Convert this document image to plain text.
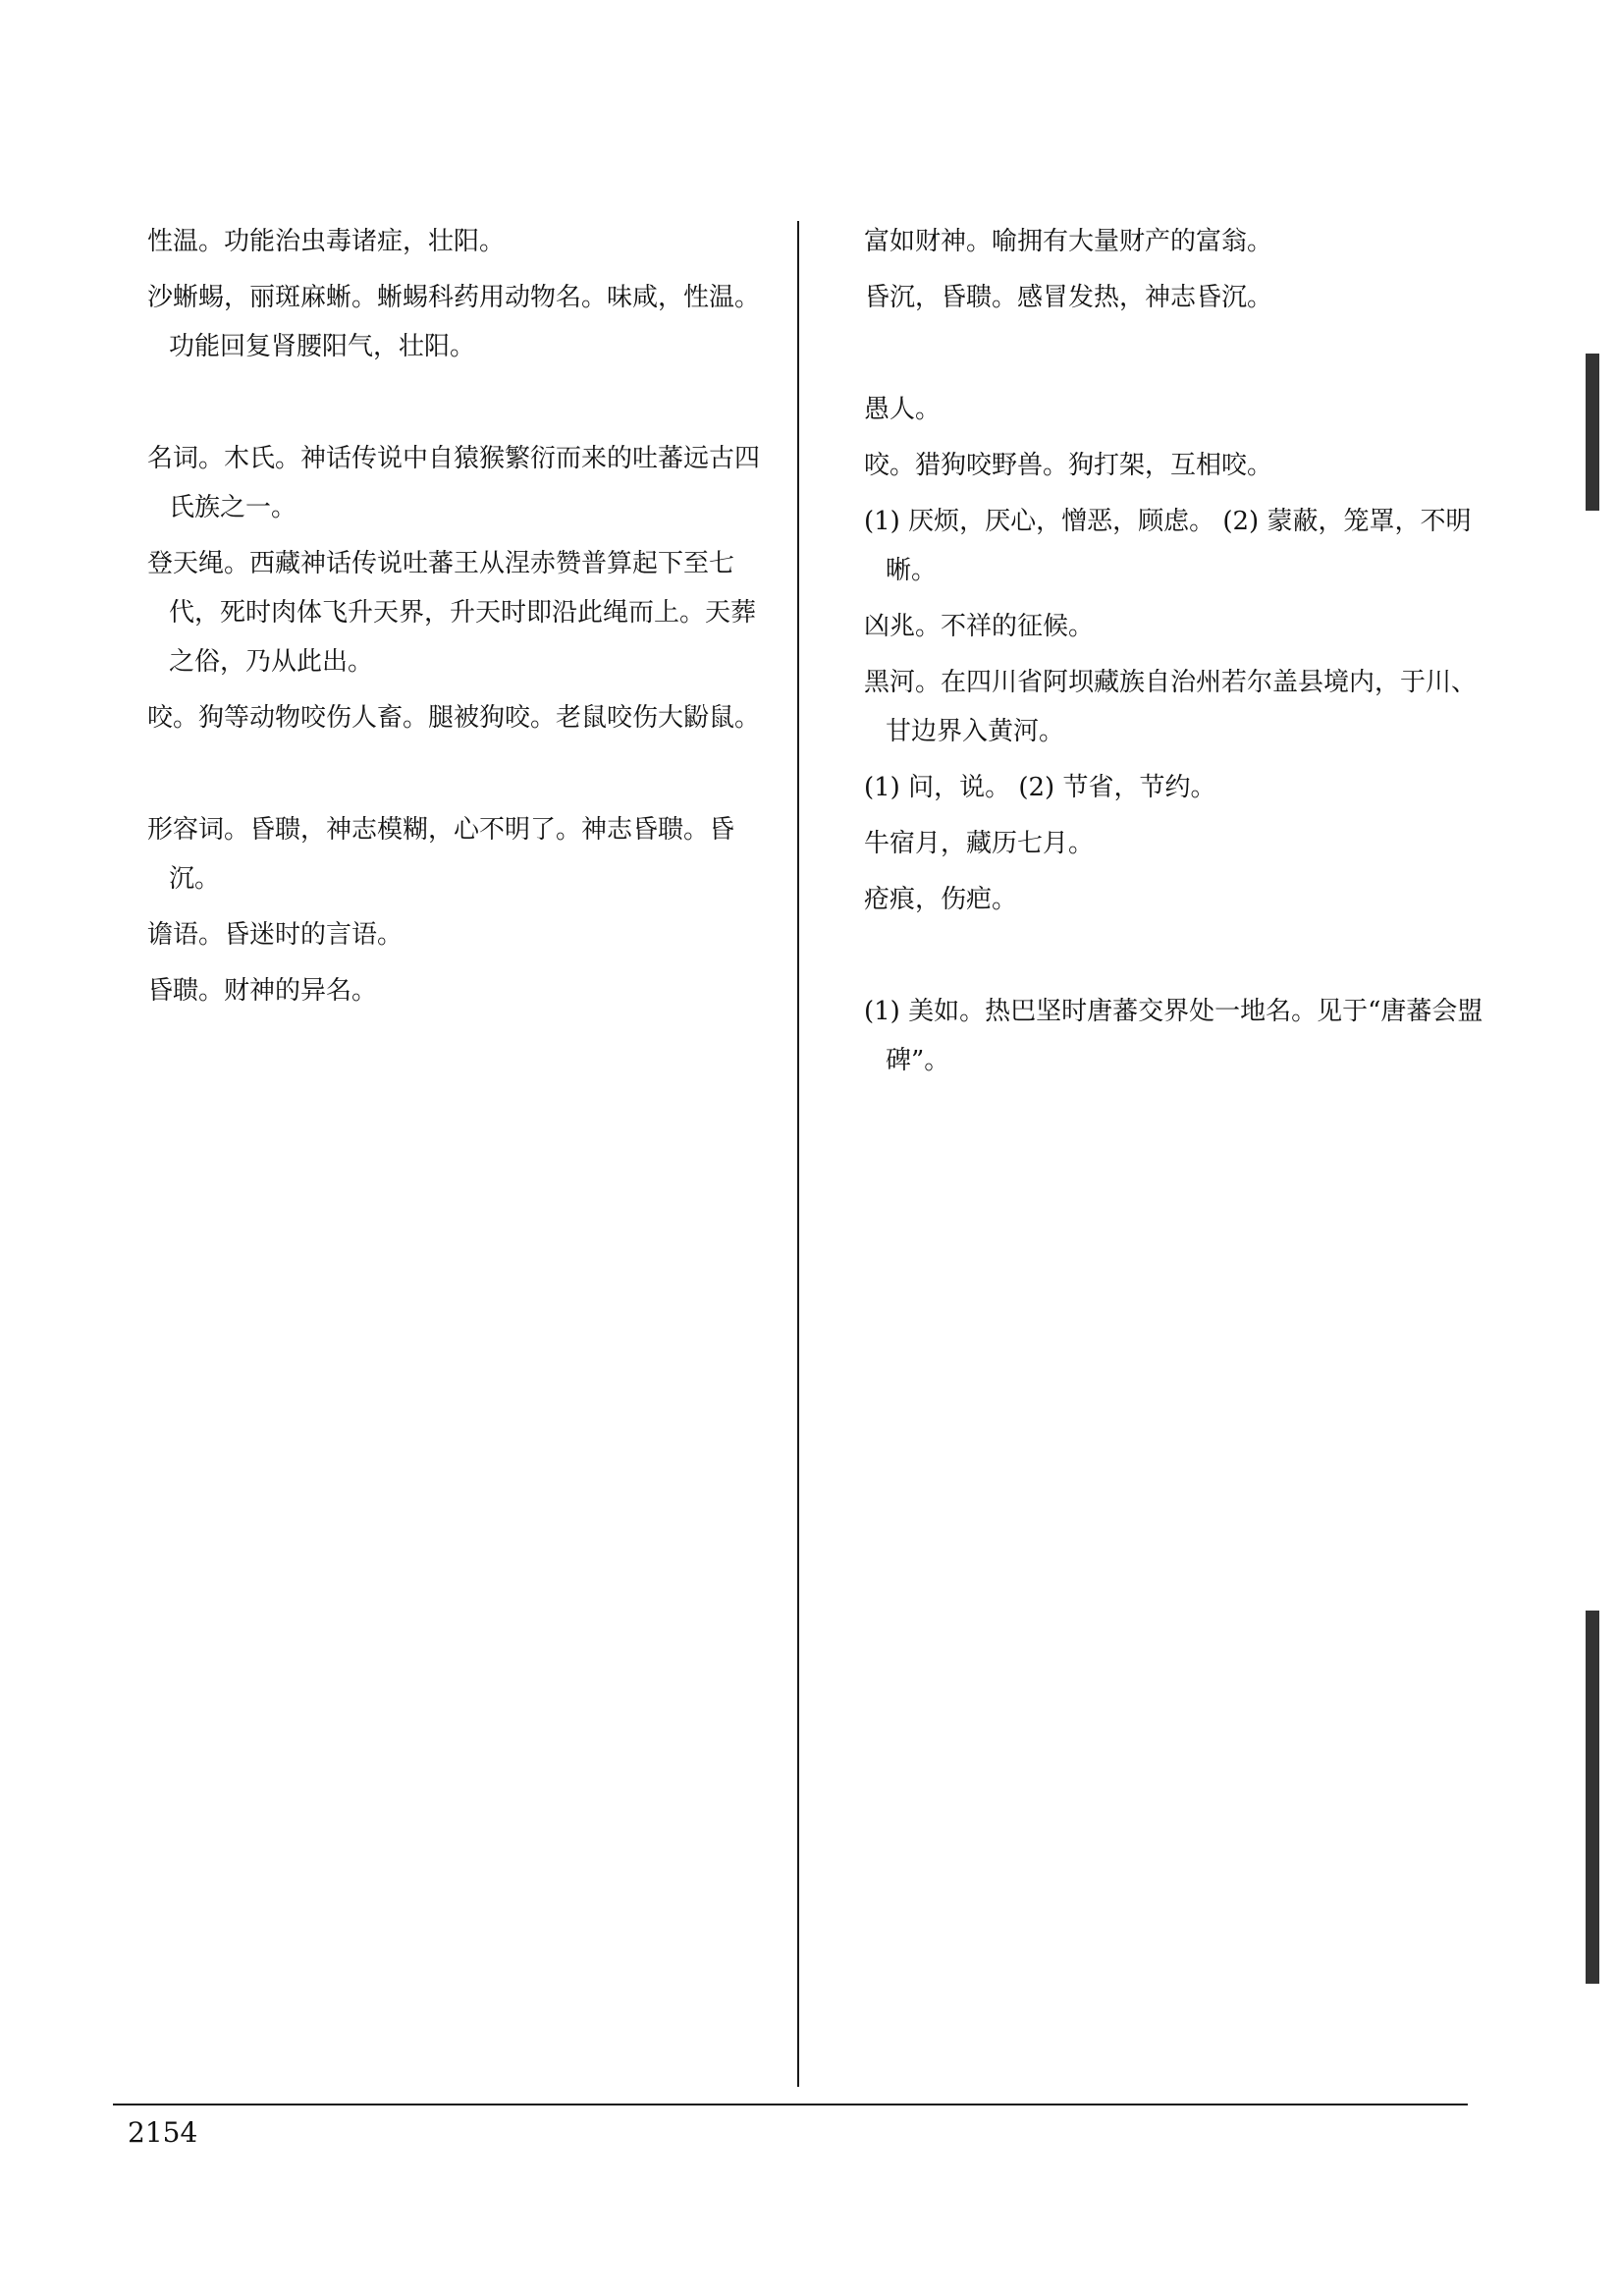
性温。功能治虫毒诸症，壮阳。

沙蜥蜴，丽斑麻蜥。蜥蜴科药用动物名。味咸，性温。功能回复肾腰阳气，壮阳。

名词。木氏。神话传说中自猿猴繁衍而来的吐蕃远古四氏族之一。

登天绳。西藏神话传说吐蕃王从涅赤赞普算起下至七代，死时肉体飞升天界，升天时即沿此绳而上。天葬之俗，乃从此出。

咬。狗等动物咬伤人畜。腿被狗咬。老鼠咬伤大鼢鼠。

形容词。昏聩，神志模糊，心不明了。神志昏聩。昏沉。

谵语。昏迷时的言语。

昏聩。财神的异名。

富如财神。喻拥有大量财产的富翁。

昏沉，昏聩。感冒发热，神志昏沉。

愚人。

咬。猎狗咬野兽。狗打架，互相咬。

(1) 厌烦，厌心，憎恶，顾虑。 (2) 蒙蔽，笼罩，不明晰。

凶兆。不祥的征候。

黑河。在四川省阿坝藏族自治州若尔盖县境内，于川、甘边界入黄河。

(1) 问，说。 (2) 节省，节约。

牛宿月，藏历七月。

疮痕，伤疤。

(1) 美如。热巴坚时唐蕃交界处一地名。见于“唐蕃会盟碑”。

2154
